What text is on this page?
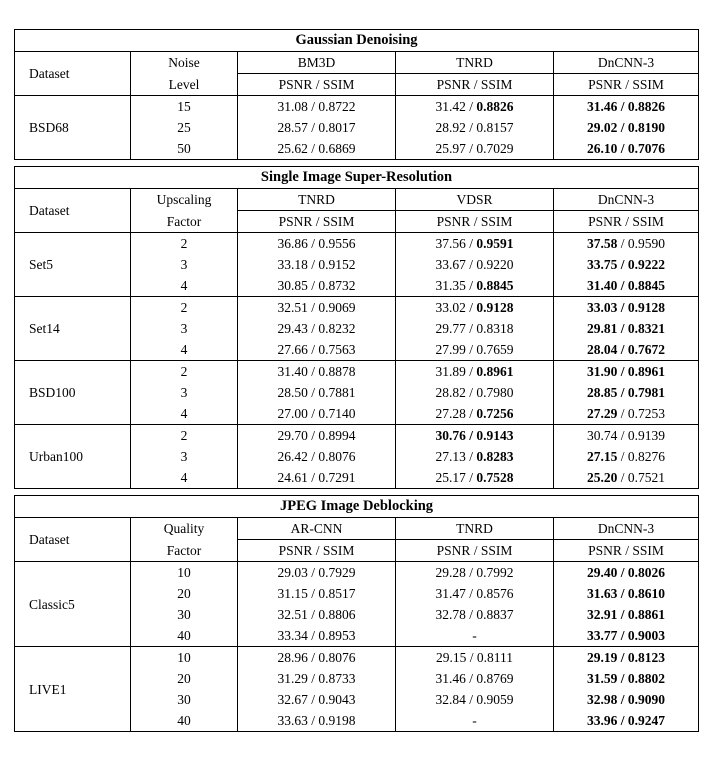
Gaussian Denoising				
Dataset	Noise	BM3D	TNRD	DnCNN-3
	Level	PSNR / SSIM	PSNR / SSIM	PSNR / SSIM
BSD68	15	31.08 / 0.8722	31.42 / 0.8826	31.46 / 0.8826
	25	28.57 / 0.8017	28.92 / 0.8157	29.02 / 0.8190
	50	25.62 / 0.6869	25.97 / 0.7029	26.10 / 0.7076
Single Image Super-Resolution				
Dataset	Upscaling	TNRD	VDSR	DnCNN-3
	Factor	PSNR / SSIM	PSNR / SSIM	PSNR / SSIM
Set5	2	36.86 / 0.9556	37.56 / 0.9591	37.58 / 0.9590
	3	33.18 / 0.9152	33.67 / 0.9220	33.75 / 0.9222
	4	30.85 / 0.8732	31.35 / 0.8845	31.40 / 0.8845
Set14	2	32.51 / 0.9069	33.02 / 0.9128	33.03 / 0.9128
	3	29.43 / 0.8232	29.77 / 0.8318	29.81 / 0.8321
	4	27.66 / 0.7563	27.99 / 0.7659	28.04 / 0.7672
BSD100	2	31.40 / 0.8878	31.89 / 0.8961	31.90 / 0.8961
	3	28.50 / 0.7881	28.82 / 0.7980	28.85 / 0.7981
	4	27.00 / 0.7140	27.28 / 0.7256	27.29 / 0.7253
Urban100	2	29.70 / 0.8994	30.76 / 0.9143	30.74 / 0.9139
	3	26.42 / 0.8076	27.13 / 0.8283	27.15 / 0.8276
	4	24.61 / 0.7291	25.17 / 0.7528	25.20 / 0.7521
JPEG Image Deblocking				
Dataset	Quality	AR-CNN	TNRD	DnCNN-3
	Factor	PSNR / SSIM	PSNR / SSIM	PSNR / SSIM
Classic5	10	29.03 / 0.7929	29.28 / 0.7992	29.40 / 0.8026
	20	31.15 / 0.8517	31.47 / 0.8576	31.63 / 0.8610
	30	32.51 / 0.8806	32.78 / 0.8837	32.91 / 0.8861
	40	33.34 / 0.8953	-	33.77 / 0.9003
LIVE1	10	28.96 / 0.8076	29.15 / 0.8111	29.19 / 0.8123
	20	31.29 / 0.8733	31.46 / 0.8769	31.59 / 0.8802
	30	32.67 / 0.9043	32.84 / 0.9059	32.98 / 0.9090
	40	33.63 / 0.9198	-	33.96 / 0.9247
